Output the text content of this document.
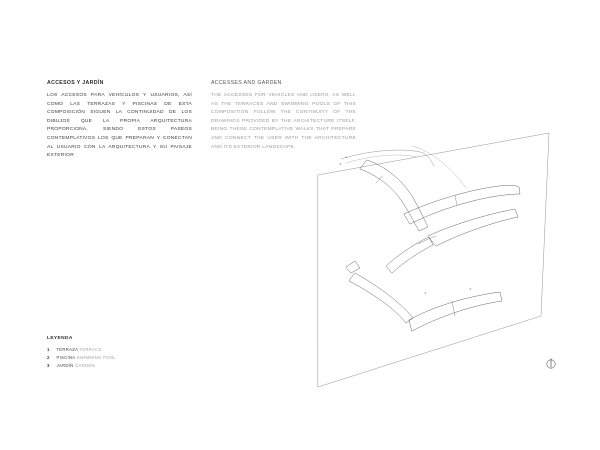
ACCESOS Y JARDÍN

LOS ACCESOS PARA VEHÍCULOS Y USUARIOS, ASÍ COMO LAS TERRAZAS Y PISCINAS DE ESTA COMPOSICIÓN SIGUEN LA CONTINUIDAD DE LOS DIBUJOS QUE LA PROPIA ARQUITECTURA PROPORCIONA, SIENDO ESTOS PASEOS CONTEMPLATIVOS LOS QUE PREPARAN Y CONECTAN AL USUARIO CON LA ARQUITECTURA Y SU PAISAJE EXTERIOR

ACCESSES AND GARDEN

THE ACCESSES FOR VEHICLES AND USERS, AS WELL AS THE TERRACES AND SWIMMING POOLS OF THIS COMPOSITION FOLLOW THE CONTINUITY OF THE DRAWINGS PROVIDED BY THE ARCHITECTURE ITSELF, BEING THESE CONTEMPLATIVE WALKS THAT PREPARE AND CONNECT THE USER WITH THE ARCHITECTURE AND ITS EXTERIOR LANDSCAPE.

LEYENDA
1 TERRAZA TERRACE
2 PISCINA SWIMMING POOL
3 JARDÍN GARDEN
